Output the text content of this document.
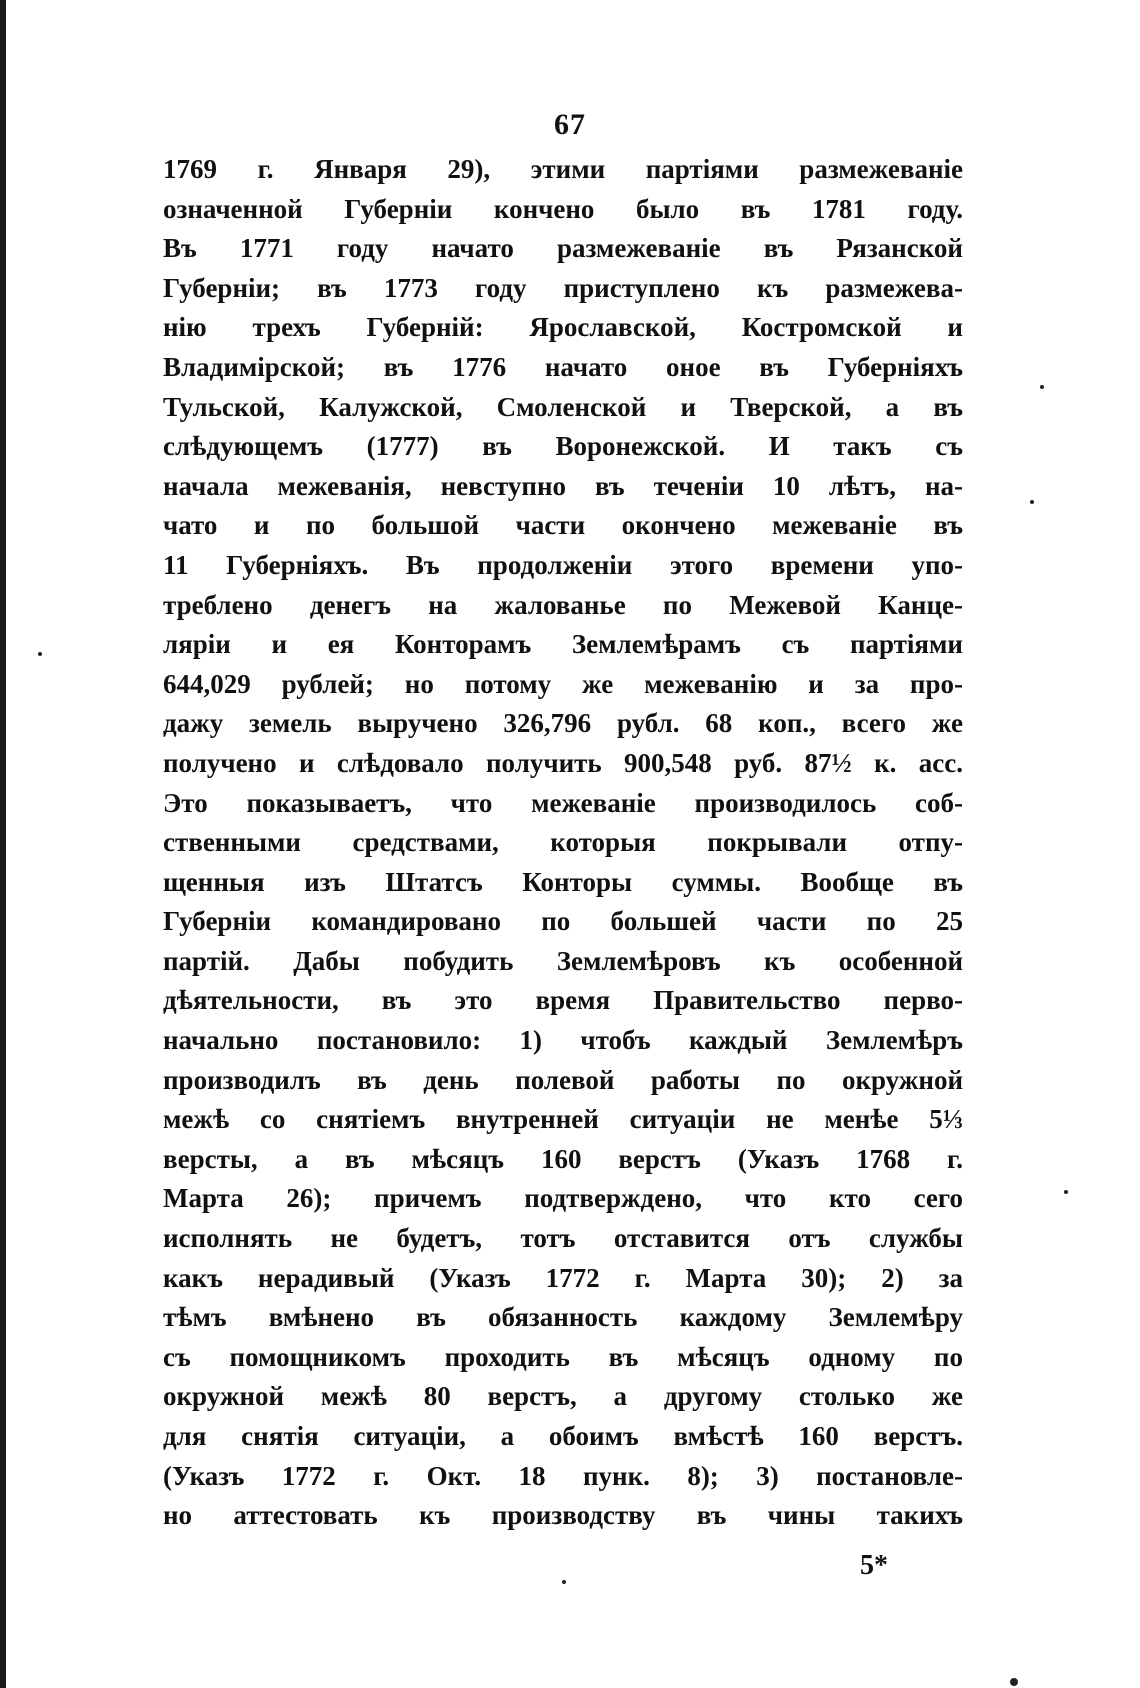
67
1769 г. Января 29), этими партіями размежеваніе
означенной Губерніи кончено было въ 1781 году.
Въ 1771 году начато размежеваніе въ Рязанской
Губерніи; въ 1773 году приступлено къ размежева-
нію трехъ Губерній: Ярославской, Костромской и
Владимірской; въ 1776 начато оное въ Губерніяхъ
Тульской, Калужской, Смоленской и Тверской, а въ
слѣдующемъ (1777) въ Воронежской. И такъ съ
начала межеванія, невступно въ теченіи 10 лѣтъ, на-
чато и по большой части окончено межеваніе въ
11 Губерніяхъ. Въ продолженіи этого времени упо-
треблено денегъ на жалованье по Межевой Канце-
ляріи и ея Конторамъ Землемѣрамъ съ партіями
644,029 рублей; но потому же межеванію и за про-
дажу земель выручено 326,796 рубл. 68 коп., всего же
получено и слѣдовало получить 900,548 руб. 87½ к. асс.
Это показываетъ, что межеваніе производилось соб-
ственными средствами, которыя покрывали отпу-
щенныя изъ Штатсъ Конторы суммы. Вообще въ
Губерніи командировано по большей части по 25
партій. Дабы побудить Землемѣровъ къ особенной
дѣятельности, въ это время Правительство перво-
начально постановило: 1) чтобъ каждый Землемѣръ
производилъ въ день полевой работы по окружной
межѣ со снятіемъ внутренней ситуаціи не менѣе 5⅓
версты, а въ мѣсяцъ 160 верстъ (Указъ 1768 г.
Марта 26); причемъ подтверждено, что кто сего
исполнять не будетъ, тотъ отставится отъ службы
какъ нерадивый (Указъ 1772 г. Марта 30); 2) за
тѣмъ вмѣнено въ обязанность каждому Землемѣру
съ помощникомъ проходить въ мѣсяцъ одному по
окружной межѣ 80 верстъ, а другому столько же
для снятія ситуаціи, а обоимъ вмѣстѣ 160 верстъ.
(Указъ 1772 г. Окт. 18 пунк. 8); 3) постановле-
но аттестовать къ производству въ чины такихъ
5*
